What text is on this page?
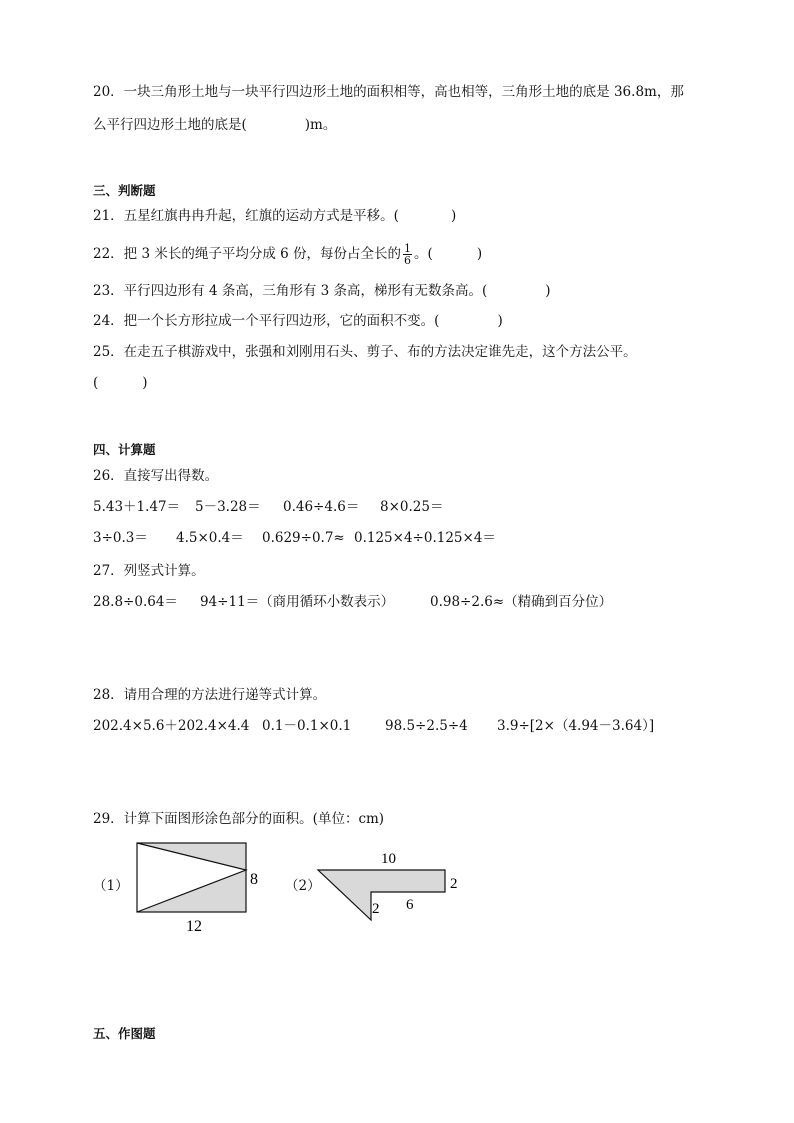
20．一块三角形土地与一块平行四边形土地的面积相等，高也相等，三角形土地的底是 36.8m，那
么平行四边形土地的底是(	)m。
三、判断题
21．五星红旗冉冉升起，红旗的运动方式是平移。(	)
22．把 3 米长的绳子平均分成 6 份，每份占全长的 $\frac{1}{6}$ 。(	)
23．平行四边形有 4 条高，三角形有 3 条高，梯形有无数条高。(	)
24．把一个长方形拉成一个平行四边形，它的面积不变。(	)
25．在走五子棋游戏中，张强和刘刚用石头、剪子、布的方法决定谁先走，这个方法公平。
(	)
四、计算题
26．直接写出得数。
5.43＋1.47＝ 5－3.28＝ 0.46÷4.6＝ 8×0.25＝
3÷0.3＝ 4.5×0.4＝ 0.629÷0.7≈ 0.125×4÷0.125×4＝
27．列竖式计算。
28.8÷0.64＝ 94÷11＝（商用循环小数表示）	0.98÷2.6≈（精确到百分位）
28．请用合理的方法进行递等式计算。
202.4×5.6＋202.4×4.4 0.1－0.1×0.1	98.5÷2.5÷4 3.9÷[2×（4.94－3.64）]
29．计算下面图形涂色部分的面积。(单位：cm)
（1）	8
12
（2）
10
2
6
2
五、作图题
